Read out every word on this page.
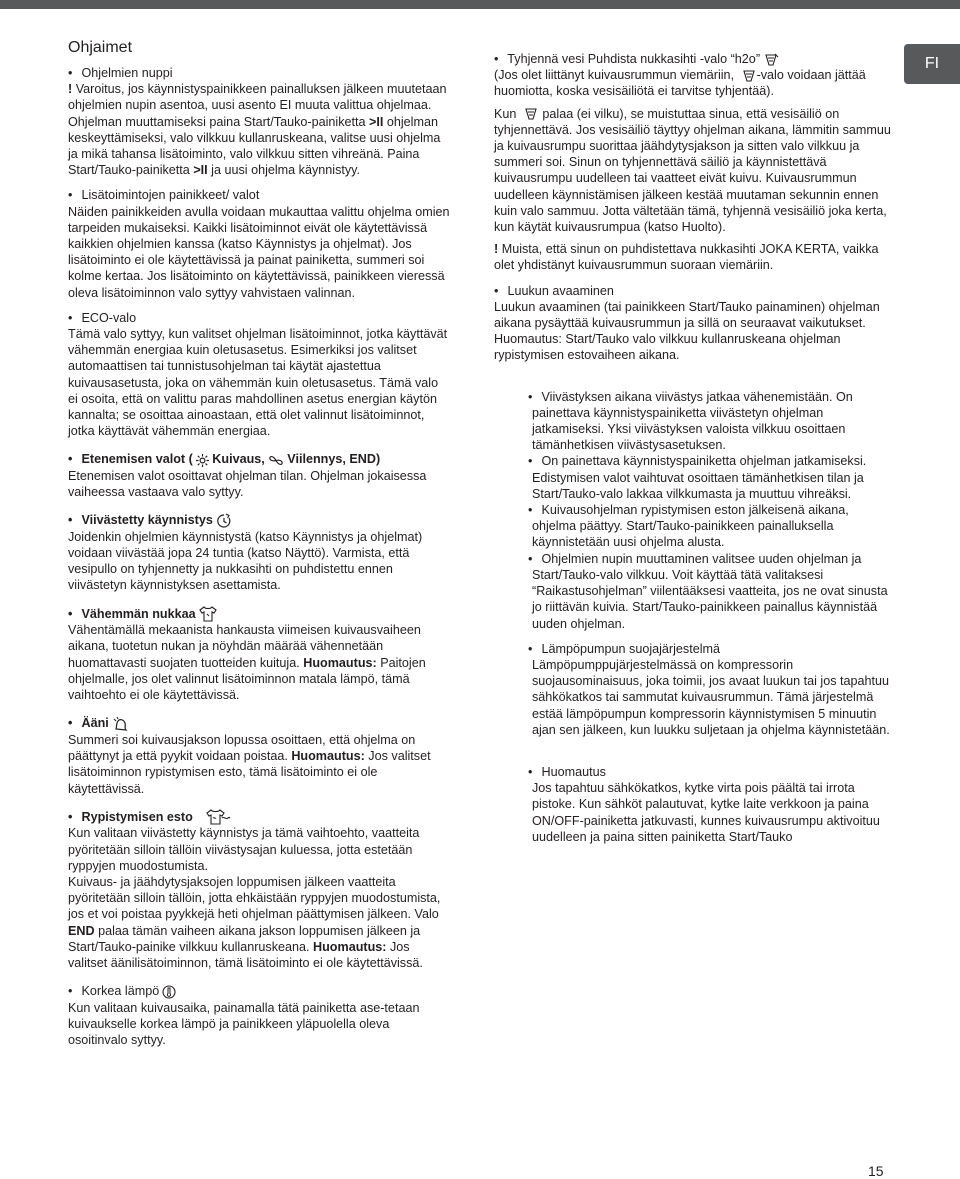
FI

Ohjaimet

• Ohjelmien nuppi

! Varoitus, jos käynnistyspainikkeen painalluksen jälkeen muutetaan ohjelmien nupin asentoa, uusi asento EI muuta valittua ohjelmaa.

Ohjelman muuttamiseksi paina Start/Tauko-painiketta >II ohjelman keskeyttämiseksi, valo vilkkuu kullanruskeana, valitse uusi ohjelma ja mikä tahansa lisätoiminto, valo vilkkuu sitten vihreänä. Paina Start/Tauko-painiketta >II ja uusi ohjelma käynnistyy.

• Lisätoimintojen painikkeet/ valot

Näiden painikkeiden avulla voidaan mukauttaa valittu ohjelma omien tarpeiden mukaiseksi. Kaikki lisätoiminnot eivät ole käytettävissä kaikkien ohjelmien kanssa (katso Käynnistys ja ohjelmat). Jos lisätoiminto ei ole käytettävissä ja painat painiketta, summeri soi kolme kertaa. Jos lisätoiminto on käytettävissä, painikkeen vieressä oleva lisätoiminnon valo syttyy vahvistaen valinnan.

• ECO-valo

Tämä valo syttyy, kun valitset ohjelman lisätoiminnot, jotka käyttävät vähemmän energiaa kuin oletusasetus. Esimerkiksi jos valitset automaattisen tai tunnistusohjelman tai käytät ajastettua kuivausasetusta, joka on vähemmän kuin oletusasetus. Tämä valo ei osoita, että on valittu paras mahdollinen asetus energian käytön kannalta; se osoittaa ainoastaan, että olet valinnut lisätoiminnot, jotka käyttävät vähemmän energiaa.

• Etenemisen valot ( Kuivaus, Viilennys, END)

Etenemisen valot osoittavat ohjelman tilan. Ohjelman jokaisessa vaiheessa vastaava valo syttyy.

• Viivästetty käynnistys

Joidenkin ohjelmien käynnistystä (katso Käynnistys ja ohjelmat) voidaan viivästää jopa 24 tuntia (katso Näyttö). Varmista, että vesipullo on tyhjennetty ja nukkasihti on puhdistettu ennen viivästetyn käynnistyksen asettamista.

• Vähemmän nukkaa

Vähentämällä mekaanista hankausta viimeisen kuivausvaiheen aikana, tuotetun nukan ja nöyhdän määrää vähennetään huomattavasti suojaten tuotteiden kuituja. Huomautus: Paitojen ohjelmalle, jos olet valinnut lisätoiminnon matala lämpö, tämä vaihtoehto ei ole käytettävissä.

• Ääni

Summeri soi kuivausjakson lopussa osoittaen, että ohjelma on päättynyt ja että pyykit voidaan poistaa. Huomautus: Jos valitset lisätoiminnon rypistymisen esto, tämä lisätoiminto ei ole käytettävissä.

• Rypistymisen esto

Kun valitaan viivästetty käynnistys ja tämä vaihtoehto, vaatteita pyöritetään silloin tällöin viivästysajan kuluessa, jotta estetään ryppyjen muodostumista.

Kuivaus- ja jäähdytysjaksojen loppumisen jälkeen vaatteita pyöritetään silloin tällöin, jotta ehkäistään ryppyjen muodostumista, jos et voi poistaa pyykkejä heti ohjelman päättymisen jälkeen. Valo END palaa tämän vaiheen aikana jakson loppumisen jälkeen ja Start/Tauko-painike vilkkuu kullanruskeana. Huomautus: Jos valitset äänilisätoiminnon, tämä lisätoiminto ei ole käytettävissä.

• Korkea lämpö

Kun valitaan kuivausaika, painamalla tätä painiketta ase-tetaan kuivaukselle korkea lämpö ja painikkeen yläpuolella oleva osoitinvalo syttyy.

• Tyhjennä vesi Puhdista nukkasihti -valo “h2o”

(Jos olet liittänyt kuivausrummun viemäriin, -valo voidaan jättää huomiotta, koska vesisäiliötä ei tarvitse tyhjentää).

Kun palaa (ei vilku), se muistuttaa sinua, että vesisäiliö on tyhjennettävä. Jos vesisäiliö täyttyy ohjelman aikana, lämmitin sammuu ja kuivausrumpu suorittaa jäähdytysjakson ja sitten valo vilkkuu ja summeri soi. Sinun on tyhjennettävä säiliö ja käynnistettävä kuivausrumpu uudelleen tai vaatteet eivät kuivu. Kuivausrummun uudelleen käynnistämisen jälkeen kestää muutaman sekunnin ennen kuin valo sammuu. Jotta vältetään tämä, tyhjennä vesisäiliö joka kerta, kun käytät kuivausrumpua (katso Huolto).

! Muista, että sinun on puhdistettava nukkasihti JOKA KERTA, vaikka olet yhdistänyt kuivausrummun suoraan viemäriin.

• Luukun avaaminen

Luukun avaaminen (tai painikkeen Start/Tauko painaminen) ohjelman aikana pysäyttää kuivausrummun ja sillä on seuraavat vaikutukset.

Huomautus: Start/Tauko valo vilkkuu kullanruskeana ohjelman rypistymisen estovaiheen aikana.

• Viivästyksen aikana viivästys jatkaa vähenemistään. On painettava käynnistyspainiketta viivästetyn ohjelman jatkamiseksi. Yksi viivästyksen valoista vilkkuu osoittaen tämänhetkisen viivästysasetuksen.

• On painettava käynnistyspainiketta ohjelman jatkamiseksi. Edistymisen valot vaihtuvat osoittaen tämänhetkisen tilan ja Start/Tauko-valo lakkaa vilkkumasta ja muuttuu vihreäksi.

• Kuivausohjelman rypistymisen eston jälkeisenä aikana, ohjelma päättyy. Start/Tauko-painikkeen painalluksella käynnistetään uusi ohjelma alusta.

• Ohjelmien nupin muuttaminen valitsee uuden ohjelman ja Start/Tauko-valo vilkkuu. Voit käyttää tätä valitaksesi “Raikastusohjelman” viilentääksesi vaatteita, jos ne ovat sinusta jo riittävän kuivia. Start/Tauko-painikkeen painallus käynnistää uuden ohjelman.

• Lämpöpumpun suojajärjestelmä

Lämpöpumppujärjestelmässä on kompressorin suojausominaisuus, joka toimii, jos avaat luukun tai jos tapahtuu sähkökatkos tai sammutat kuivausrummun. Tämä järjestelmä estää lämpöpumpun kompressorin käynnistymisen 5 minuutin ajan sen jälkeen, kun luukku suljetaan ja ohjelma käynnistetään.

• Huomautus

Jos tapahtuu sähkökatkos, kytke virta pois päältä tai irrota pistoke. Kun sähköt palautuvat, kytke laite verkkoon ja paina ON/OFF-painiketta jatkuvasti, kunnes kuivausrumpu aktivoituu uudelleen ja paina sitten painiketta Start/Tauko

15
